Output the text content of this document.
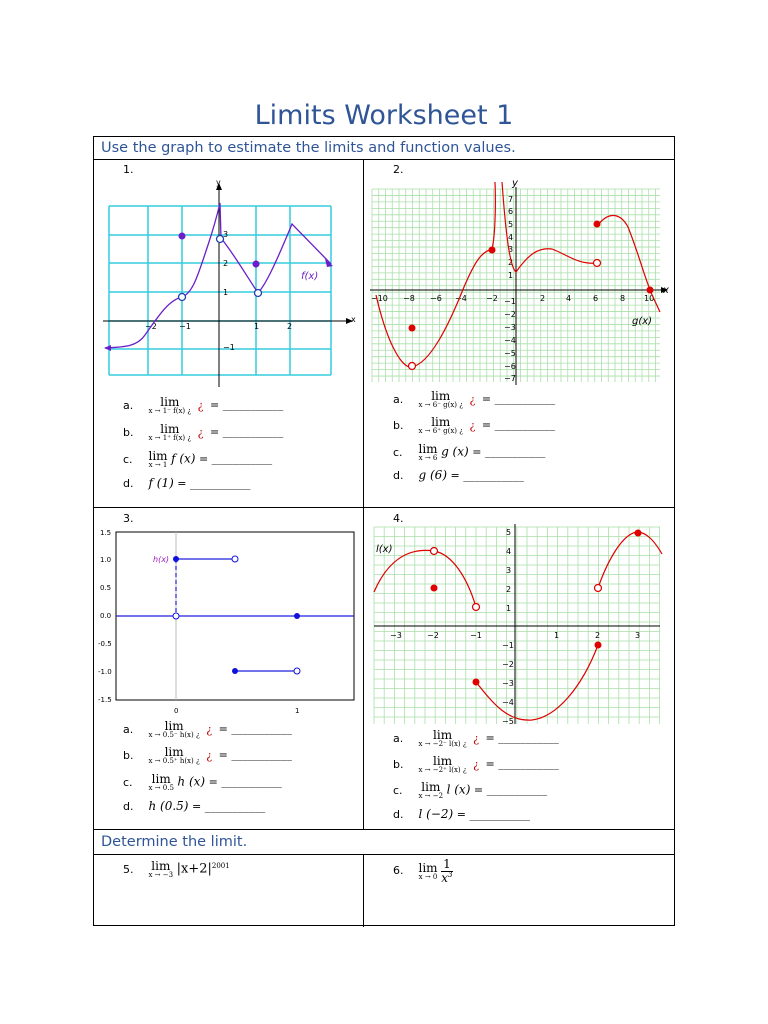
Limits Worksheet 1
Use the graph to estimate the limits and function values.
Determine the limit.
1.
y
x
−2	−1	1	2
3
2
1
−1
f(x)
a. lim
x → 1⁻ f(x) ¿ ¿ = ___________
b. lim
x → 1⁺ f(x) ¿ ¿ = ___________
c. lim
x → 1 f (x) = ___________
d. f (1) = ___________
2.
y
x
−10 −8 −6 −4 −2	2	4	6	8 10
7
6
5
4
3
2
1
−1
−2
−3
−4
−5
−6
−7
g(x)
a. lim
x → 6⁻ g(x) ¿ ¿ = ___________
b. lim
x → 6⁺ g(x) ¿ ¿ = ___________
c. lim
x → 6 g (x) = ___________
d. g (6) = ___________
3.
1.5
1.0
0.5
0.0
-0.5
-1.0
-1.5
0	1
h(x)
a.	lim
x → 0.5⁻ h(x) ¿ ¿ = ___________
b.	lim
x → 0.5⁺ h(x) ¿ ¿ = ___________
c. lim
x → 0.5 h (x) = ___________
d. h (0.5) = ___________
4.
−3	−2	−1	1	2	3
5
4
3
2
1
−1
−2
−3
−4
−5
l(x)
a. lim
x → −2⁻ l(x) ¿ ¿ = ___________
b. lim
x → −2⁺ l(x) ¿ ¿ = ___________
c. lim
x → −2 l (x) = ___________
d. l (−2) = ___________
5. lim
x → −3 $|x+2|^{2001}$	6. lim
x → 0
$\frac{1}{x^3}$
